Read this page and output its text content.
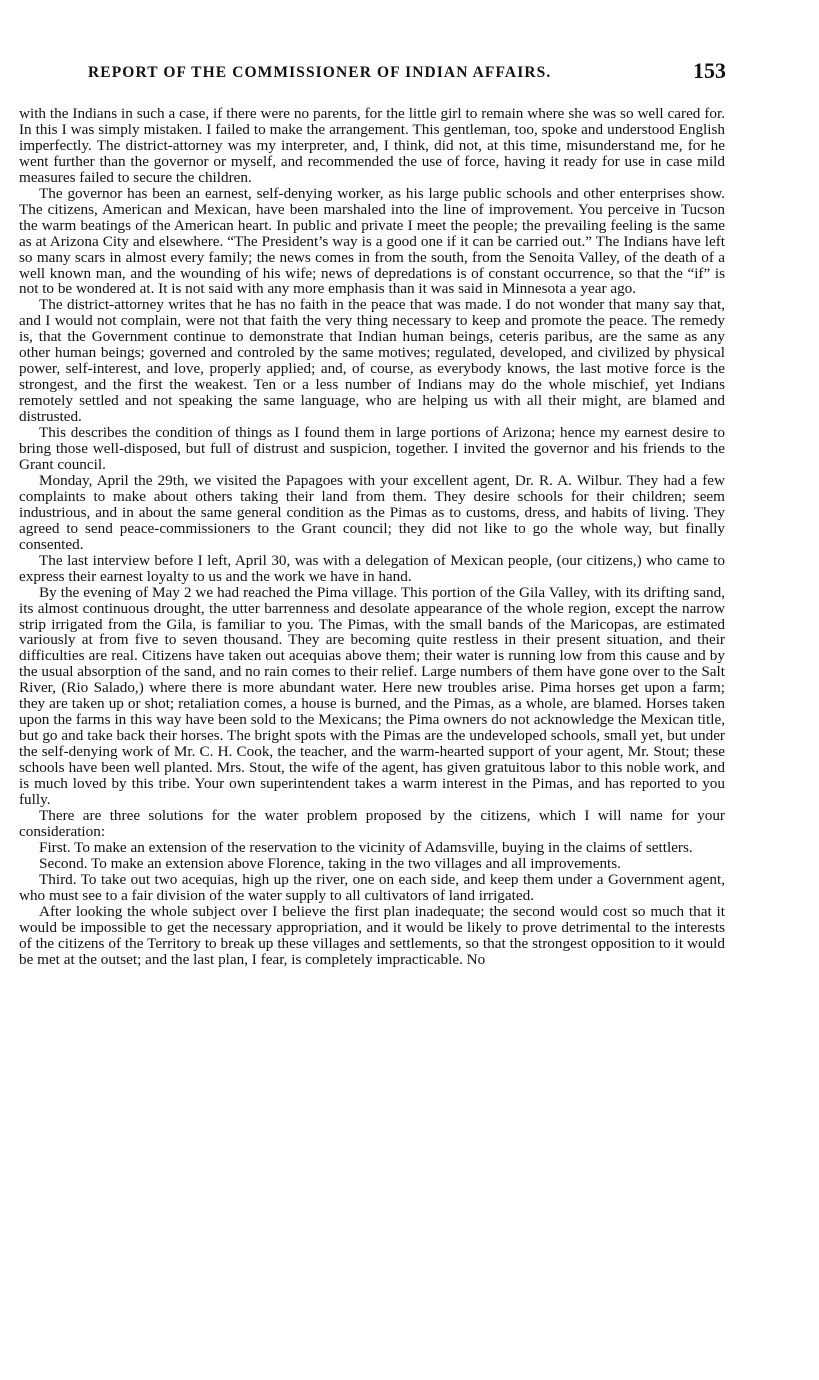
REPORT OF THE COMMISSIONER OF INDIAN AFFAIRS.	153

with the Indians in such a case, if there were no parents, for the little girl to remain where she was so well cared for. In this I was simply mistaken. I failed to make the arrangement. This gentleman, too, spoke and understood English imperfectly. The district-attorney was my interpreter, and, I think, did not, at this time, misunderstand me, for he went further than the governor or myself, and recommended the use of force, having it ready for use in case mild measures failed to secure the children.

The governor has been an earnest, self-denying worker, as his large public schools and other enterprises show. The citizens, American and Mexican, have been marshaled into the line of improvement. You perceive in Tucson the warm beatings of the American heart. In public and private I meet the people; the prevailing feeling is the same as at Arizona City and elsewhere. “The President’s way is a good one if it can be carried out.” The Indians have left so many scars in almost every family; the news comes in from the south, from the Senoita Valley, of the death of a well known man, and the wounding of his wife; news of depredations is of constant occurrence, so that the “if” is not to be wondered at. It is not said with any more emphasis than it was said in Minnesota a year ago.

The district-attorney writes that he has no faith in the peace that was made. I do not wonder that many say that, and I would not complain, were not that faith the very thing necessary to keep and promote the peace. The remedy is, that the Government continue to demonstrate that Indian human beings, ceteris paribus, are the same as any other human beings; governed and controled by the same motives; regulated, developed, and civilized by physical power, self-interest, and love, properly applied; and, of course, as everybody knows, the last motive force is the strongest, and the first the weakest. Ten or a less number of Indians may do the whole mischief, yet Indians remotely settled and not speaking the same language, who are helping us with all their might, are blamed and distrusted.

This describes the condition of things as I found them in large portions of Arizona; hence my earnest desire to bring those well-disposed, but full of distrust and suspicion, together. I invited the governor and his friends to the Grant council.

Monday, April the 29th, we visited the Papagoes with your excellent agent, Dr. R. A. Wilbur. They had a few complaints to make about others taking their land from them. They desire schools for their children; seem industrious, and in about the same general condition as the Pimas as to customs, dress, and habits of living. They agreed to send peace-commissioners to the Grant council; they did not like to go the whole way, but finally consented.

The last interview before I left, April 30, was with a delegation of Mexican people, (our citizens,) who came to express their earnest loyalty to us and the work we have in hand.

By the evening of May 2 we had reached the Pima village. This portion of the Gila Valley, with its drifting sand, its almost continuous drought, the utter barrenness and desolate appearance of the whole region, except the narrow strip irrigated from the Gila, is familiar to you. The Pimas, with the small bands of the Maricopas, are estimated variously at from five to seven thousand. They are becoming quite restless in their present situation, and their difficulties are real. Citizens have taken out acequias above them; their water is running low from this cause and by the usual absorption of the sand, and no rain comes to their relief. Large numbers of them have gone over to the Salt River, (Rio Salado,) where there is more abundant water. Here new troubles arise. Pima horses get upon a farm; they are taken up or shot; retaliation comes, a house is burned, and the Pimas, as a whole, are blamed. Horses taken upon the farms in this way have been sold to the Mexicans; the Pima owners do not acknowledge the Mexican title, but go and take back their horses. The bright spots with the Pimas are the undeveloped schools, small yet, but under the self-denying work of Mr. C. H. Cook, the teacher, and the warm-hearted support of your agent, Mr. Stout; these schools have been well planted. Mrs. Stout, the wife of the agent, has given gratuitous labor to this noble work, and is much loved by this tribe. Your own superintendent takes a warm interest in the Pimas, and has reported to you fully.

There are three solutions for the water problem proposed by the citizens, which I will name for your consideration:

First. To make an extension of the reservation to the vicinity of Adamsville, buying in the claims of settlers.

Second. To make an extension above Florence, taking in the two villages and all improvements.

Third. To take out two acequias, high up the river, one on each side, and keep them under a Government agent, who must see to a fair division of the water supply to all cultivators of land irrigated.

After looking the whole subject over I believe the first plan inadequate; the second would cost so much that it would be impossible to get the necessary appropriation, and it would be likely to prove detrimental to the interests of the citizens of the Territory to break up these villages and settlements, so that the strongest opposition to it would be met at the outset; and the last plan, I fear, is completely impracticable. No
